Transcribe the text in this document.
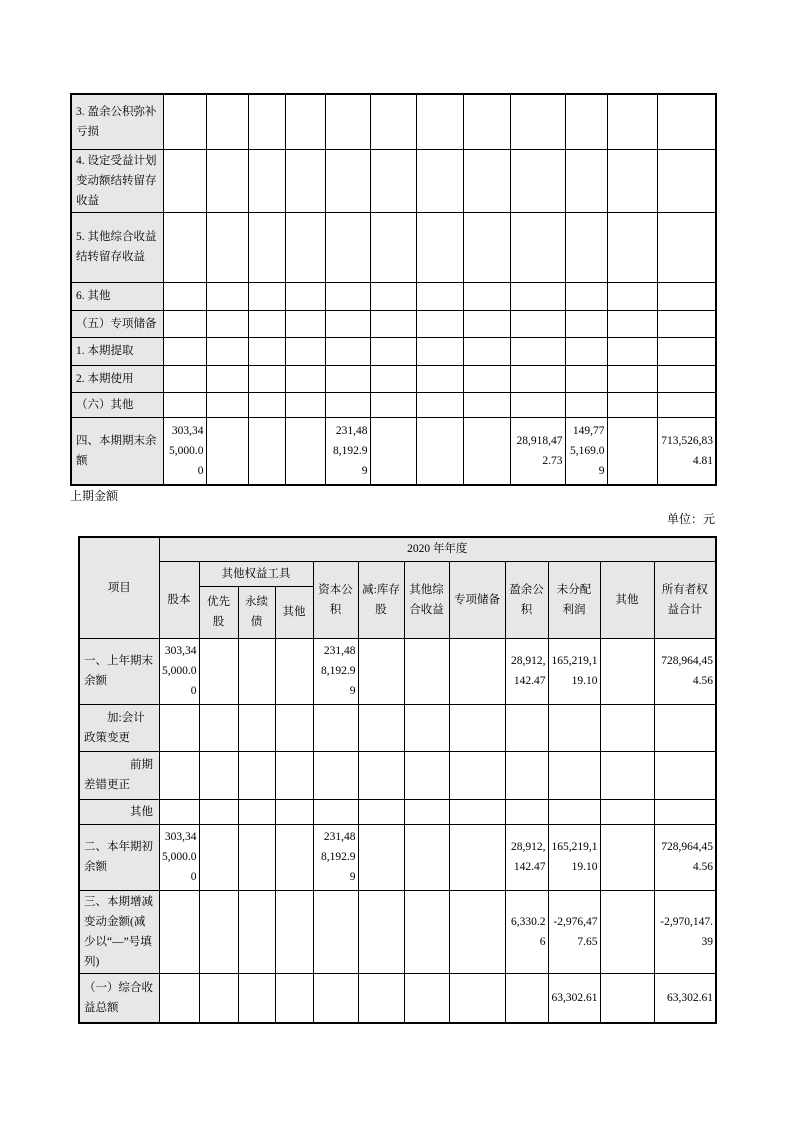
3. 盈余公积弥补亏损												
4. 设定受益计划变动额结转留存收益												
5. 其他综合收益结转留存收益												
6. 其他												
（五）专项储备												
1. 本期提取												
2. 本期使用												
（六）其他												
四、本期期末余额	303,345,000.00				231,488,192.99				28,918,472.73	149,775,169.09		713,526,834.81
上期金额
单位：元
项目	2020 年年度											
	股本	其他权益工具			资本公积	减:库存股	其他综合收益	专项储备	盈余公积	未分配利润	其他	所有者权益合计
		优先股	永续债	其他								
一、上年期末余额	303,345,000.00				231,488,192.99				28,912,142.47	165,219,119.10		728,964,454.56
加:会计政策变更												
前期差错更正												
其他												
二、本年期初余额	303,345,000.00				231,488,192.99				28,912,142.47	165,219,119.10		728,964,454.56
三、本期增减变动金额(减少以“—”号填列)									6,330.26	-2,976,477.65		-2,970,147.39
（一）综合收益总额										63,302.61		63,302.61
